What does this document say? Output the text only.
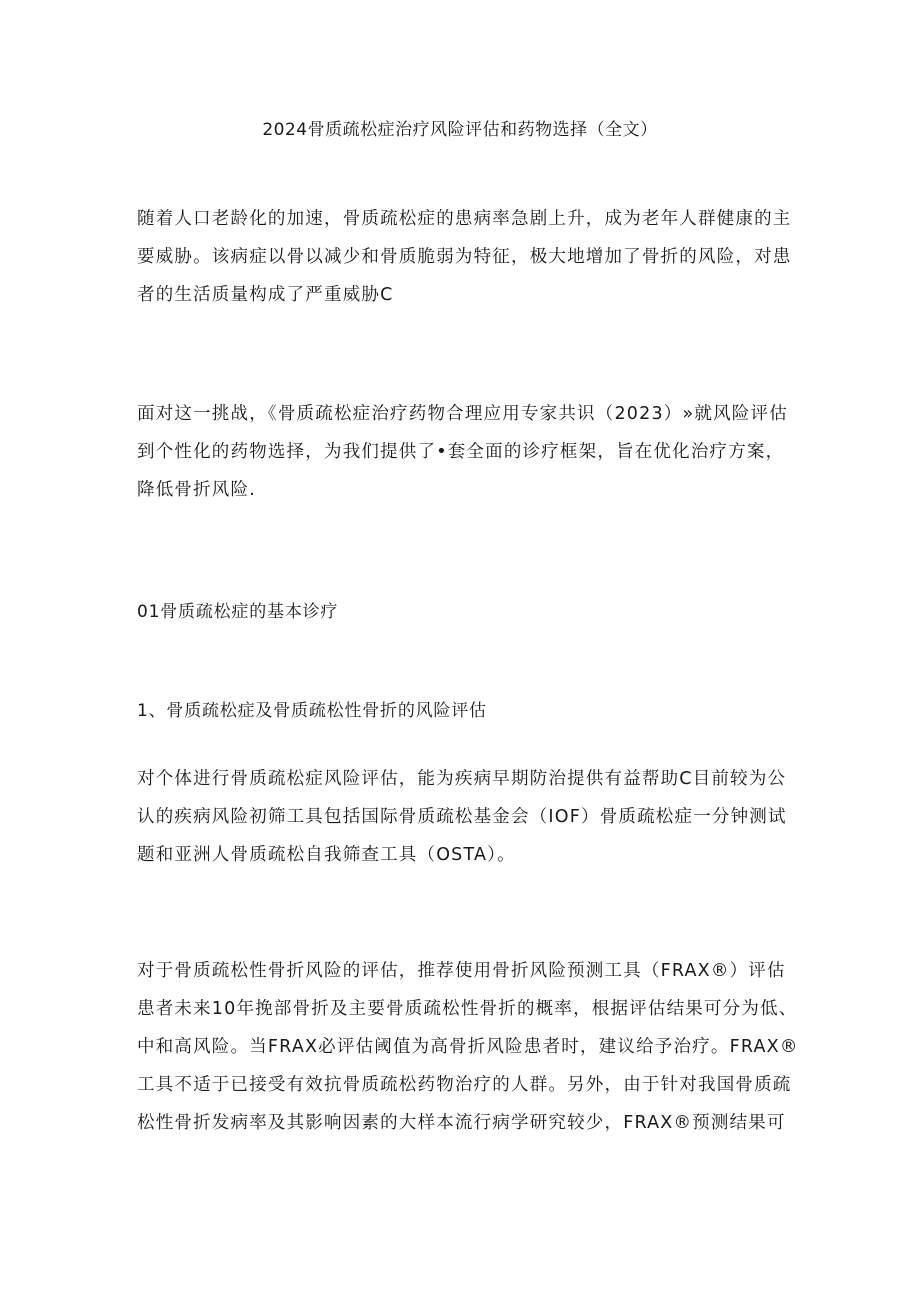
2024骨质疏松症治疗风险评估和药物选择（全文）

随着人口老龄化的加速，骨质疏松症的患病率急剧上升，成为老年人群健康的主
要威胁。该病症以骨以减少和骨质脆弱为特征，极大地增加了骨折的风险，对患
者的生活质量构成了严重威胁C

面对这一挑战，《骨质疏松症治疗药物合理应用专家共识（2023）»就风险评估
到个性化的药物选择，为我们提供了•套全面的诊疗框架，旨在优化治疗方案，
降低骨折风险.

01骨质疏松症的基本诊疗
1、骨质疏松症及骨质疏松性骨折的风险评估

对个体进行骨质疏松症风险评估，能为疾病早期防治提供有益帮助C目前较为公
认的疾病风险初筛工具包括国际骨质疏松基金会（IOF）骨质疏松症一分钟测试
题和亚洲人骨质疏松自我筛查工具（OSTA）。

对于骨质疏松性骨折风险的评估，推荐使用骨折风险预测工具（FRAX®）评估
患者未来10年挽部骨折及主要骨质疏松性骨折的概率，根据评估结果可分为低、
中和高风险。当FRAX必评估阈值为高骨折风险患者时，建议给予治疗。FRAX®
工具不适于已接受有效抗骨质疏松药物治疗的人群。另外，由于针对我国骨质疏
松性骨折发病率及其影响因素的大样本流行病学研究较少，FRAX®预测结果可
